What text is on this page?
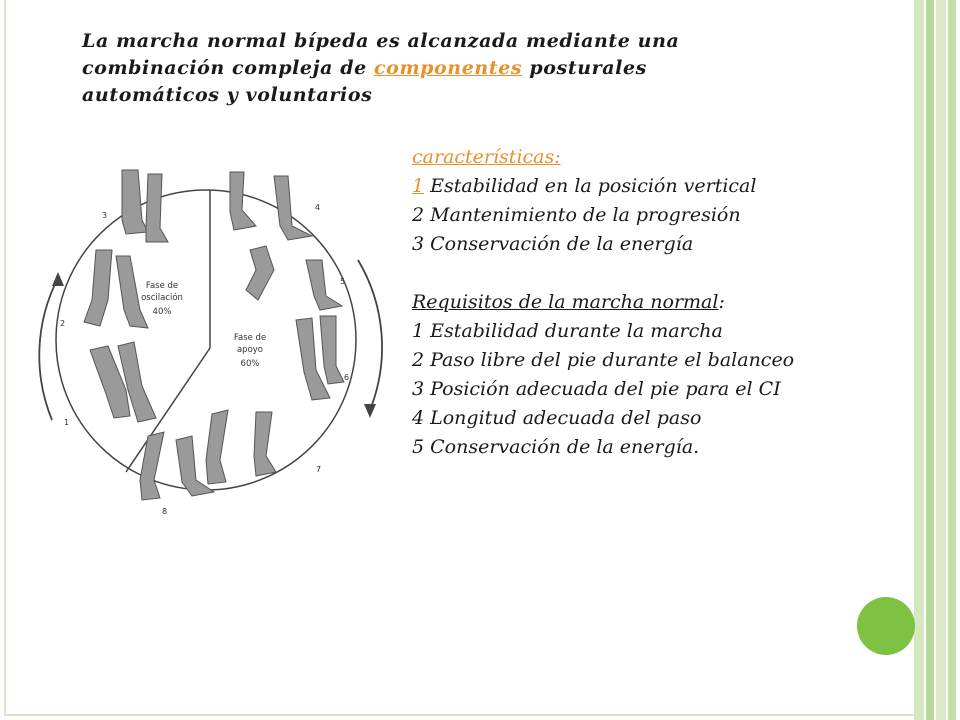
La marcha normal bípeda es alcanzada mediante una combinación compleja de componentes posturales automáticos y voluntarios
Fase de
oscilación
40%
Fase de
apoyo
60%
1
2
3
4
5
6
7
8

características:

1 Estabilidad en la posición vertical

2 Mantenimiento de la progresión

3 Conservación de la energía

Requisitos de la marcha normal:

1 Estabilidad durante la marcha

2 Paso libre del pie durante el balanceo

3 Posición adecuada del pie para el CI

4 Longitud adecuada del paso

5 Conservación de la energía.
